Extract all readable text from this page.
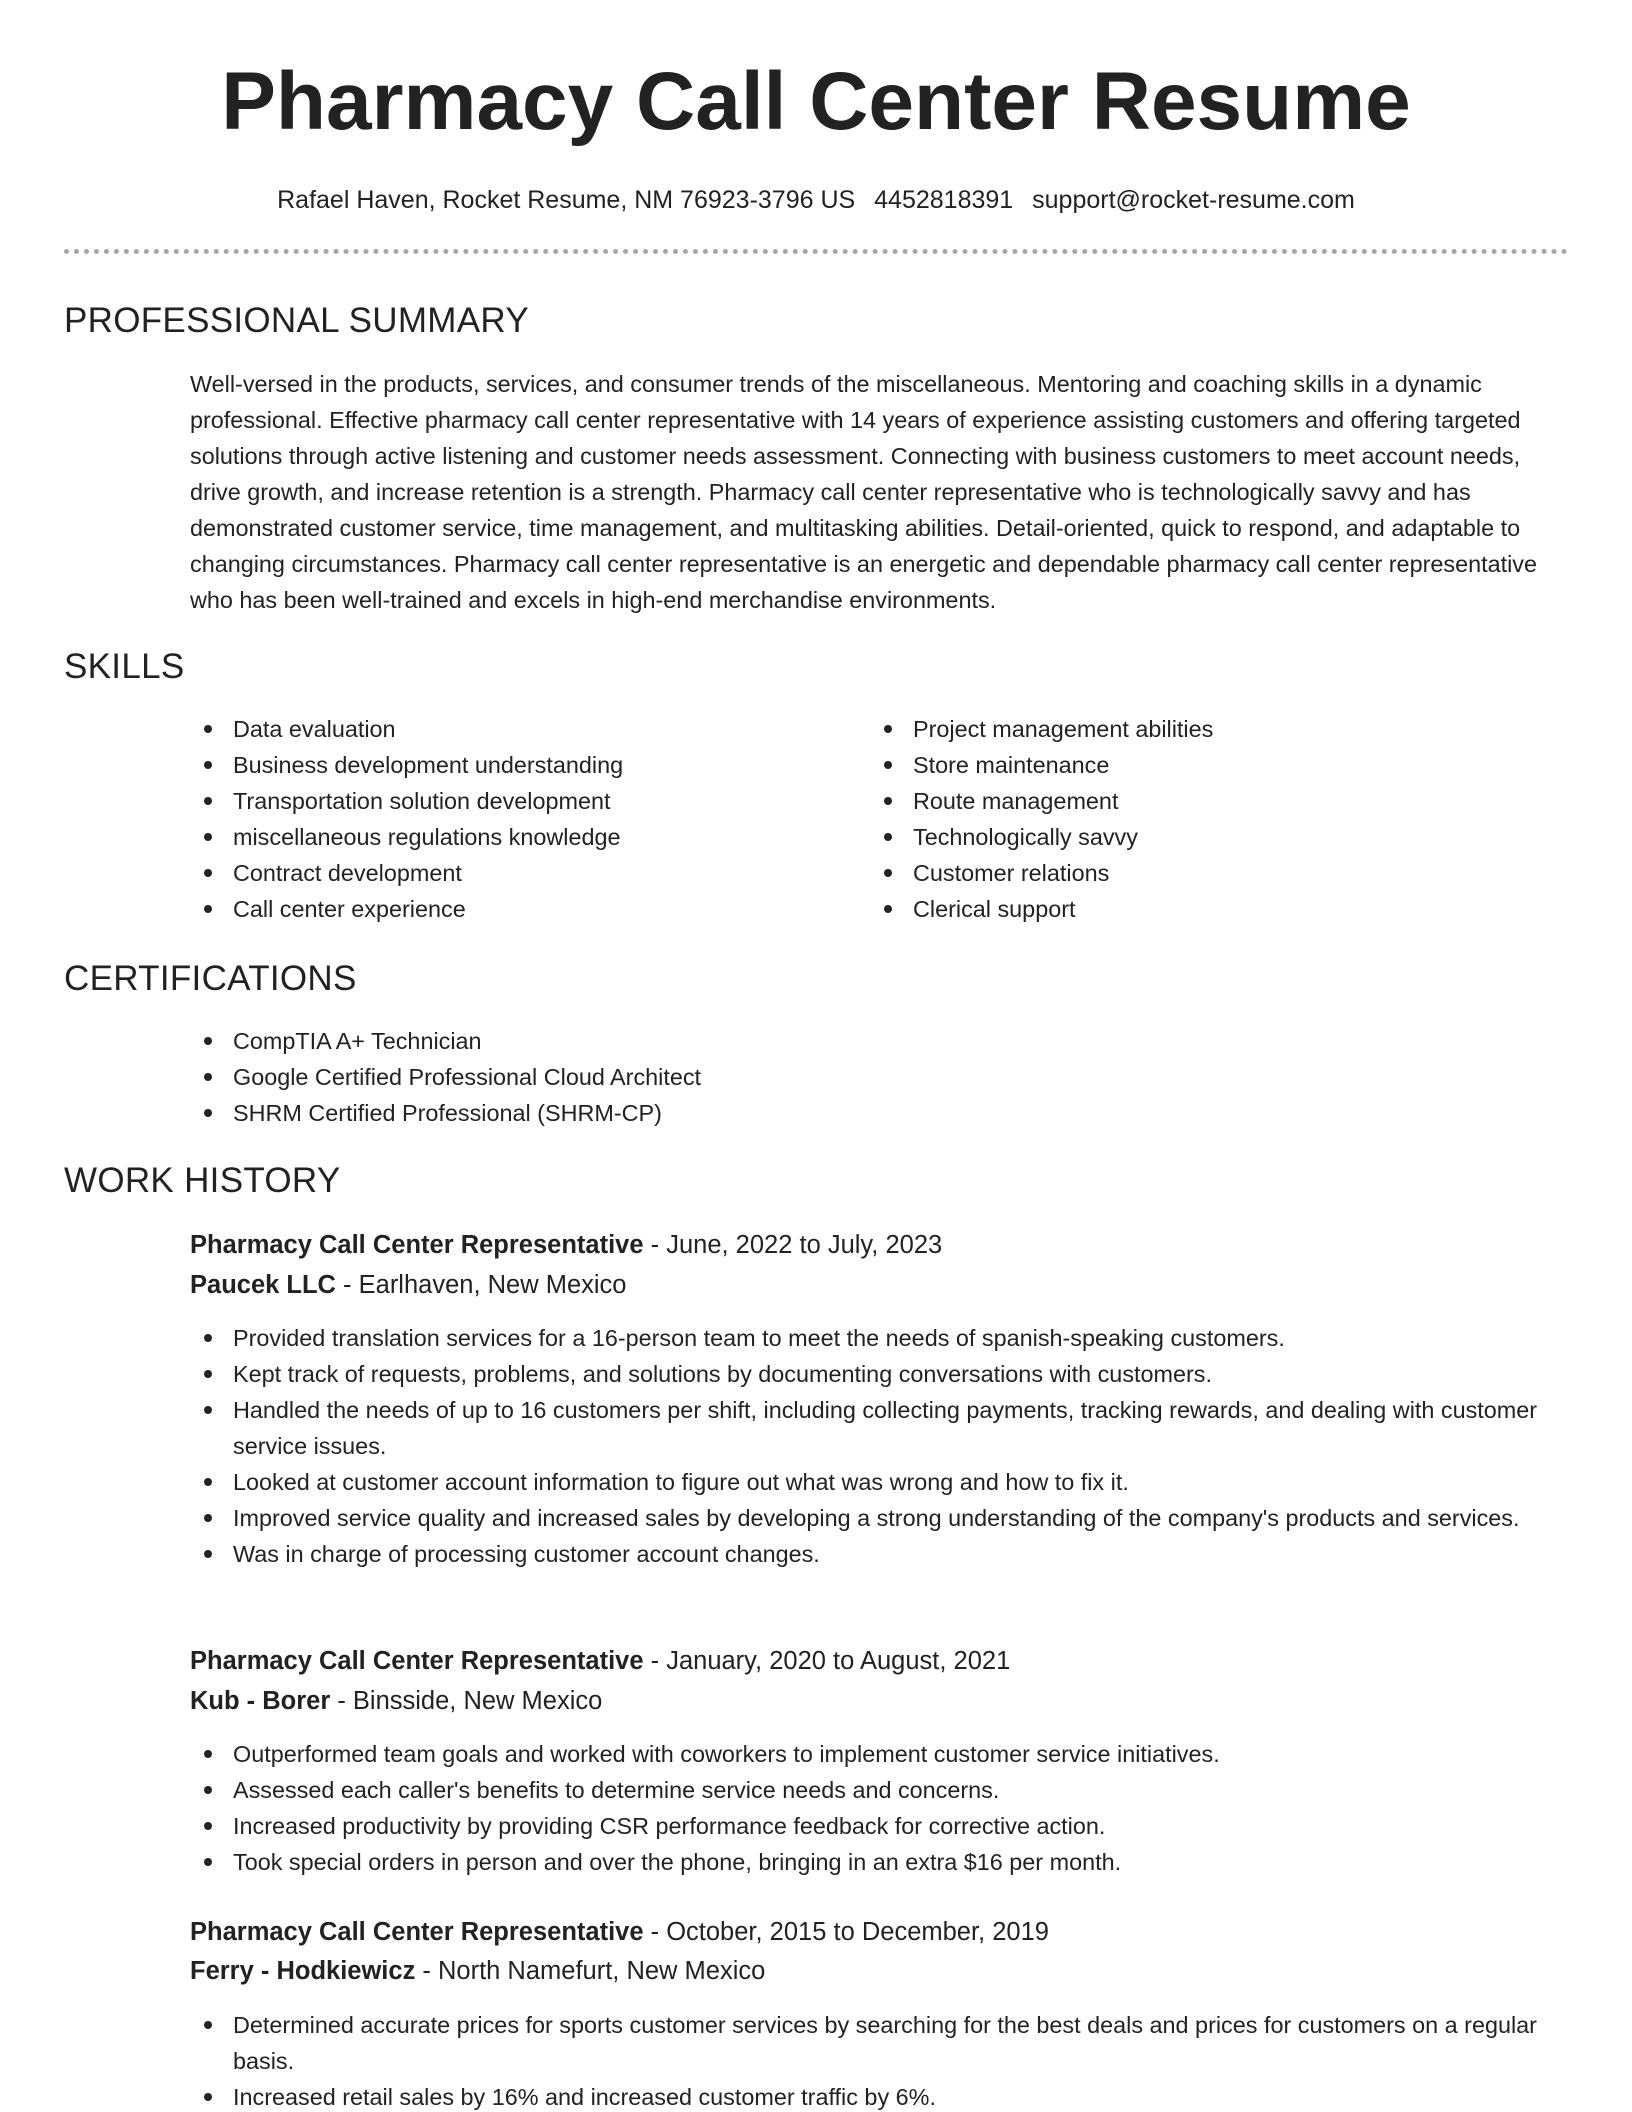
Pharmacy Call Center Resume
Rafael Haven, Rocket Resume, NM 76923-3796 US 4452818391 support@rocket-resume.com
PROFESSIONAL SUMMARY

Well-versed in the products, services, and consumer trends of the miscellaneous. Mentoring and coaching skills in a dynamic professional. Effective pharmacy call center representative with 14 years of experience assisting customers and offering targeted solutions through active listening and customer needs assessment. Connecting with business customers to meet account needs, drive growth, and increase retention is a strength. Pharmacy call center representative who is technologically savvy and has demonstrated customer service, time management, and multitasking abilities. Detail-oriented, quick to respond, and adaptable to changing circumstances. Pharmacy call center representative is an energetic and dependable pharmacy call center representative who has been well-trained and excels in high-end merchandise environments.

SKILLS
Data evaluation
Business development understanding
Transportation solution development
miscellaneous regulations knowledge
Contract development
Call center experience
Project management abilities
Store maintenance
Route management
Technologically savvy
Customer relations
Clerical support
CERTIFICATIONS
CompTIA A+ Technician
Google Certified Professional Cloud Architect
SHRM Certified Professional (SHRM-CP)
WORK HISTORY
Pharmacy Call Center Representative - June, 2022 to July, 2023
Paucek LLC - Earlhaven, New Mexico
Provided translation services for a 16-person team to meet the needs of spanish-speaking customers.
Kept track of requests, problems, and solutions by documenting conversations with customers.
Handled the needs of up to 16 customers per shift, including collecting payments, tracking rewards, and dealing with customer service issues.
Looked at customer account information to figure out what was wrong and how to fix it.
Improved service quality and increased sales by developing a strong understanding of the company's products and services.
Was in charge of processing customer account changes.
Pharmacy Call Center Representative - January, 2020 to August, 2021
Kub - Borer - Binsside, New Mexico
Outperformed team goals and worked with coworkers to implement customer service initiatives.
Assessed each caller's benefits to determine service needs and concerns.
Increased productivity by providing CSR performance feedback for corrective action.
Took special orders in person and over the phone, bringing in an extra $16 per month.
Pharmacy Call Center Representative - October, 2015 to December, 2019
Ferry - Hodkiewicz - North Namefurt, New Mexico
Determined accurate prices for sports customer services by searching for the best deals and prices for customers on a regular basis.
Increased retail sales by 16% and increased customer traffic by 6%.
